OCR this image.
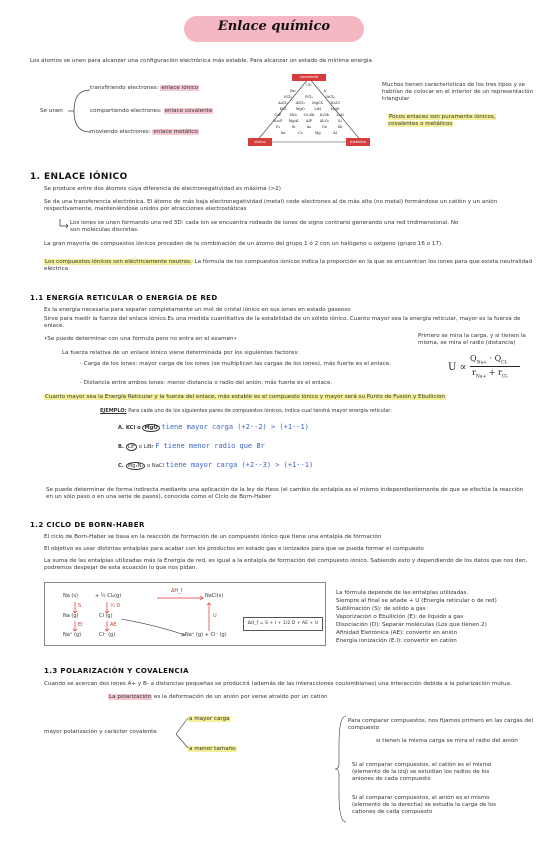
Enlace químico
Los átomos se unen para alcanzar una configuración electrónica más estable. Para alcanzar un estado de mínima energía
Se unen
transfiriendo electrones: enlace iónico
compartiendo electrones: enlace covalente
moviendo electrones: enlace metálico
Cl₂
Br₂	I₂
SCl₂	PCl₃	SiCl₄
AsCl₃ AlCl₃ MgCl₂ NaCl
KCl	MgO	LiH	MgS
CsF SiO₂ Cs₃Sb K₃Sb LiAl
Na₃P MgAl AlP Al₂O₃ S₈
P₄	Si	As	Ge	Sb
Sn	Cs	Mg	Al
covalente
iónico	metálico
Muchos tienen características de los tres tipos y se habrían de colocar en el interior de un representación triangular
Pocos enlaces son puramente iónicos, covalentes o metálicos
1. ENLACE IÓNICO
Se produce entre dos átomos cuya diferencia de electronegatividad es máxima (>2)
Se da una transferencia electrónica. El átomo de más baja electronegatividad (metal) cede electrones al de más alta (no metal) formándose un catión y un anión respectivamente, manteniéndose unidos por atracciones electrostáticas
Los iones se unen formando una red 3D: cada ion se encuentra rodeado de iones de signo contrario generando una red tridimensional. No son moléculas discretas.
La gran mayoría de compuestos iónicos proceden de la combinación de un átomo del grupo 1 ó 2 con un halógeno u oxígeno (grupo 16 o 17).
Los compuestos iónicos son eléctricamente neutros. La fórmula de los compuestos iónicos indica la proporción en la que se encuentran los iones para que exista neutralidad eléctrica
1.1 ENERGÍA RETICULAR O ENERGÍA DE RED
Es la energía necesaria para separar completamente un mol de cristal iónico en sus iones en estado gaseoso
Sirve para medir la fuerza del enlace iónico.Es una medida cuantitativa de la estabilidad de un sólido iónico. Cuanto mayor sea la energía reticular, mayor es la fuerza de enlace.
•Se puede determinar con una fórmula pero no entra en el examen•
La fuerza relativa de un enlace iónico viene determinada por los siguientes factores:
- Carga de los iones: mayor carga de los iones (se multiplican las cargas de los iones), más fuerte es el enlace.
- Distancia entre ambos iones: menor distancia o radio del anión, más fuerte es el enlace.
Primero se mira la carga, y si tienen la misma, se mira el radio (distancia)
U ∝
$Q_{Na+} \cdot Q_{Cl-}$
$r_{Na+} + r_{Cl-}$
Cuanto mayor sea la Energía Reticular y la fuerza del enlace, más estable es el compuesto iónico y mayor será su Punto de Fusión y Ebullición
EJEMPLO: Para cada uno de los siguientes pares de compuestos iónicos, indica cual tendrá mayor energía reticular:
A. KCl o MgO tiene mayor carga (+2·-2) > (+1·-1)
B. LiF o LiBr F tiene menor radio que Br
C. Mg₃N₂ o NaCl tiene mayor carga (+2·-3) > (+1·-1)
Se puede determinar de forma indirecta mediante una aplicación de la ley de Hess (el cambio de entalpía es el mismo independientemente de que se efectúe la reacción en un sólo paso o en una serie de pasos), conocida como el Ciclo de Born-Haber
1.2 CICLO DE BORN-HABER
El ciclo de Born-Haber se basa en la reacción de formación de un compuesto iónico que tiene una entalpía de formación
El objetivo es usar distintas entalpías para acabar con los productos en estado gas e ionizados para que se pueda formar el compuesto
La suma de las entalpías utilizadas más la Energía de red, es igual a la entalpía de formación del compuesto iónico. Sabiendo esto y dependiendo de los datos que nos den, podremos despejar de esta ecuación lo que nos pidan.
Na (s)	+ ½ Cl₂(g)
ΔH_f
NaCl(s)
S	½ D
Na (g)	Cl (g)
EI	AE
U
Na⁺ (g)	Cl⁻ (g)	Na⁺ (g) + Cl⁻ (g)
ΔH_f = S + I + 1/2 D + AE + U
La fórmula depende de las entalpías utilizadas.
Siempre al final se añade + U (Energía reticular o de red)
Sublimación (S): de sólido a gas
Vaporización o Ebullición (E): de líquido a gas
Disociación (D): Separar moléculas (Los que tienen 2)
Afinidad Eletrónica (AE): convertir en anión
Energía ionización (E.I): convertir en catión
1.3 POLARIZACIÓN Y COVALENCIA
Cuando se acercan dos iones A+ y B- a distancias pequeñas se producirá (además de las interacciones coulombianas) una interacción debida a la polarización mutua.
La polarización es la deformación de un anión por verse atraído por un catión
mayor polarización y carácter covalente
a mayor carga
a menor tamaño
Para comparar compuestos, nos fijamos primero en las cargas del compuesto
si tienen la misma carga se mira el radio del anión
Si al comparar compuestos, el catión es el mismo (elemento de la izq) se estudian los radios de los aniones de cada compuesto
Si al comparar compuestos, el anión es el mismo (elemento de la derecha) se estudia la carga de los cationes de cada compuesto
